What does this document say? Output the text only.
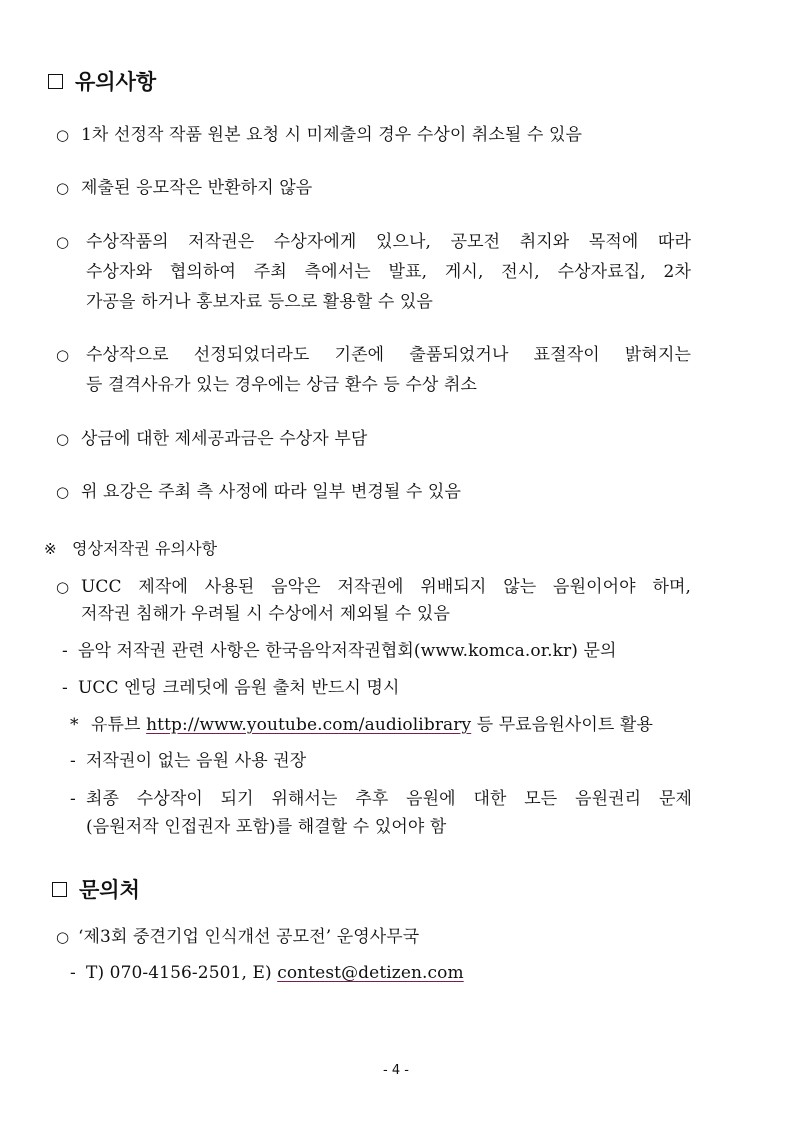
유의사항
○ 1차 선정작 작품 원본 요청 시 미제출의 경우 수상이 취소될 수 있음
○ 제출된 응모작은 반환하지 않음
○ 수상작품의 저작권은 수상자에게 있으나, 공모전 취지와 목적에 따라
수상자와 협의하여 주최 측에서는 발표, 게시, 전시, 수상자료집, 2차
가공을 하거나 홍보자료 등으로 활용할 수 있음
○ 수상작으로 선정되었더라도 기존에 출품되었거나 표절작이 밝혀지는
등 결격사유가 있는 경우에는 상금 환수 등 수상 취소
○ 상금에 대한 제세공과금은 수상자 부담
○ 위 요강은 주최 측 사정에 따라 일부 변경될 수 있음
※ 영상저작권 유의사항
○ UCC 제작에 사용된 음악은 저작권에 위배되지 않는 음원이어야 하며,
저작권 침해가 우려될 시 수상에서 제외될 수 있음
- 음악 저작권 관련 사항은 한국음악저작권협회(www.komca.or.kr) 문의
- UCC 엔딩 크레딧에 음원 출처 반드시 명시
* 유튜브 http://www.youtube.com/audiolibrary 등 무료음원사이트 활용
- 저작권이 없는 음원 사용 권장
- 최종 수상작이 되기 위해서는 추후 음원에 대한 모든 음원권리 문제
(음원저작 인접권자 포함)를 해결할 수 있어야 함
문의처
○ ‘제3회 중견기업 인식개선 공모전’ 운영사무국
- T) 070-4156-2501, E) contest@detizen.com
- 4 -
